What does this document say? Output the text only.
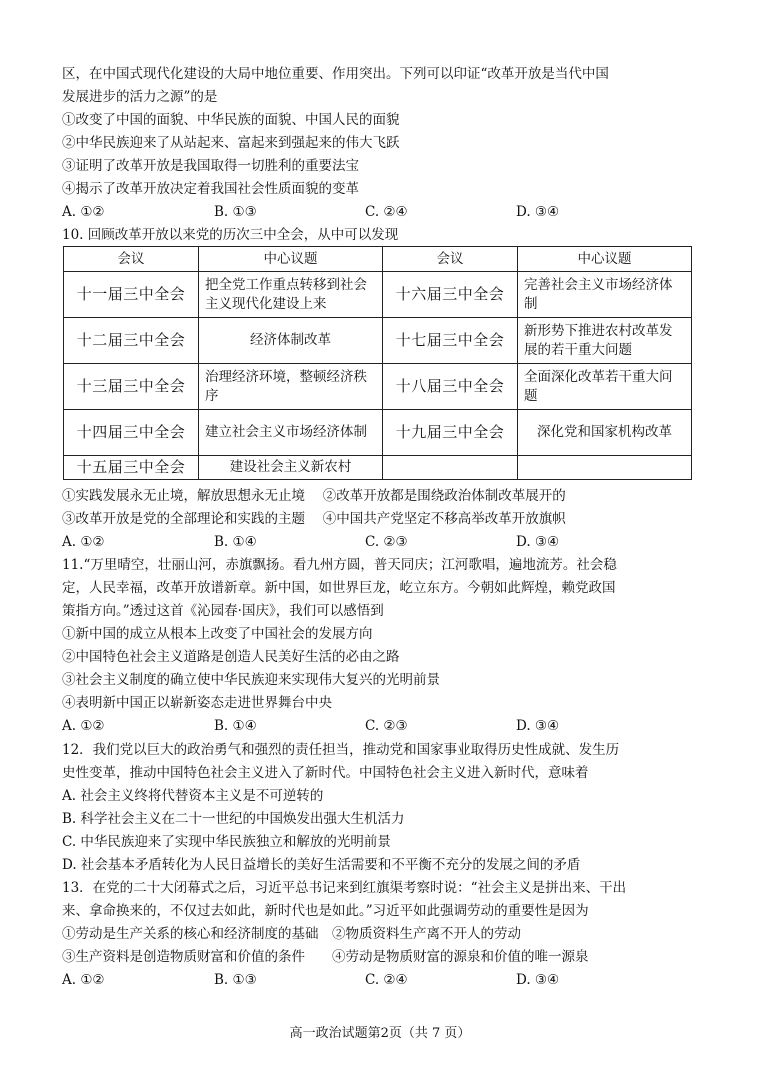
区，在中国式现代化建设的大局中地位重要、作用突出。下列可以印证“改革开放是当代中国
发展进步的活力之源”的是
①改变了中国的面貌、中华民族的面貌、中国人民的面貌
②中华民族迎来了从站起来、富起来到强起来的伟大飞跃
③证明了改革开放是我国取得一切胜利的重要法宝
④揭示了改革开放决定着我国社会性质面貌的变革
A. ①②	B. ①③	C. ②④	D. ③④
10. 回顾改革开放以来党的历次三中全会，从中可以发现
会议	中心议题	会议	中心议题
十一届三中全会	把全党工作重点转移到社会主义现代化建设上来	十六届三中全会	完善社会主义市场经济体制
十二届三中全会	经济体制改革	十七届三中全会	新形势下推进农村改革发展的若干重大问题
十三届三中全会	治理经济环境，整顿经济秩序	十八届三中全会	全面深化改革若干重大问题
十四届三中全会	建立社会主义市场经济体制	十九届三中全会	深化党和国家机构改革
十五届三中全会	建设社会主义新农村		
①实践发展永无止境，解放思想永无止境　 ②改革开放都是围绕政治体制改革展开的
③改革开放是党的全部理论和实践的主题　 ④中国共产党坚定不移高举改革开放旗帜
A. ①②	B. ①④	C. ②③	D. ③④
11.“万里晴空，壮丽山河，赤旗飘扬。看九州方圆，普天同庆；江河歌唱，遍地流芳。社会稳
定，人民幸福，改革开放谱新章。新中国，如世界巨龙，屹立东方。今朝如此辉煌，赖党政国
策指方向。”透过这首《沁园春·国庆》，我们可以感悟到
①新中国的成立从根本上改变了中国社会的发展方向
②中国特色社会主义道路是创造人民美好生活的必由之路
③社会主义制度的确立使中华民族迎来实现伟大复兴的光明前景
④表明新中国正以崭新姿态走进世界舞台中央
A. ①②	B. ①④	C. ②③	D. ③④
12．我们党以巨大的政治勇气和强烈的责任担当，推动党和国家事业取得历史性成就、发生历
史性变革，推动中国特色社会主义进入了新时代。中国特色社会主义进入新时代，意味着
A. 社会主义终将代替资本主义是不可逆转的
B. 科学社会主义在二十一世纪的中国焕发出强大生机活力
C. 中华民族迎来了实现中华民族独立和解放的光明前景
D. 社会基本矛盾转化为人民日益增长的美好生活需要和不平衡不充分的发展之间的矛盾
13．在党的二十大闭幕式之后，习近平总书记来到红旗渠考察时说：“社会主义是拼出来、干出
来、拿命换来的，不仅过去如此，新时代也是如此。”习近平如此强调劳动的重要性是因为
①劳动是生产关系的核心和经济制度的基础　②物质资料生产离不开人的劳动
③生产资料是创造物质财富和价值的条件　　④劳动是物质财富的源泉和价值的唯一源泉
A. ①②	B. ①③	C. ②④	D. ③④
高一政治试题第2页（共 7 页）
